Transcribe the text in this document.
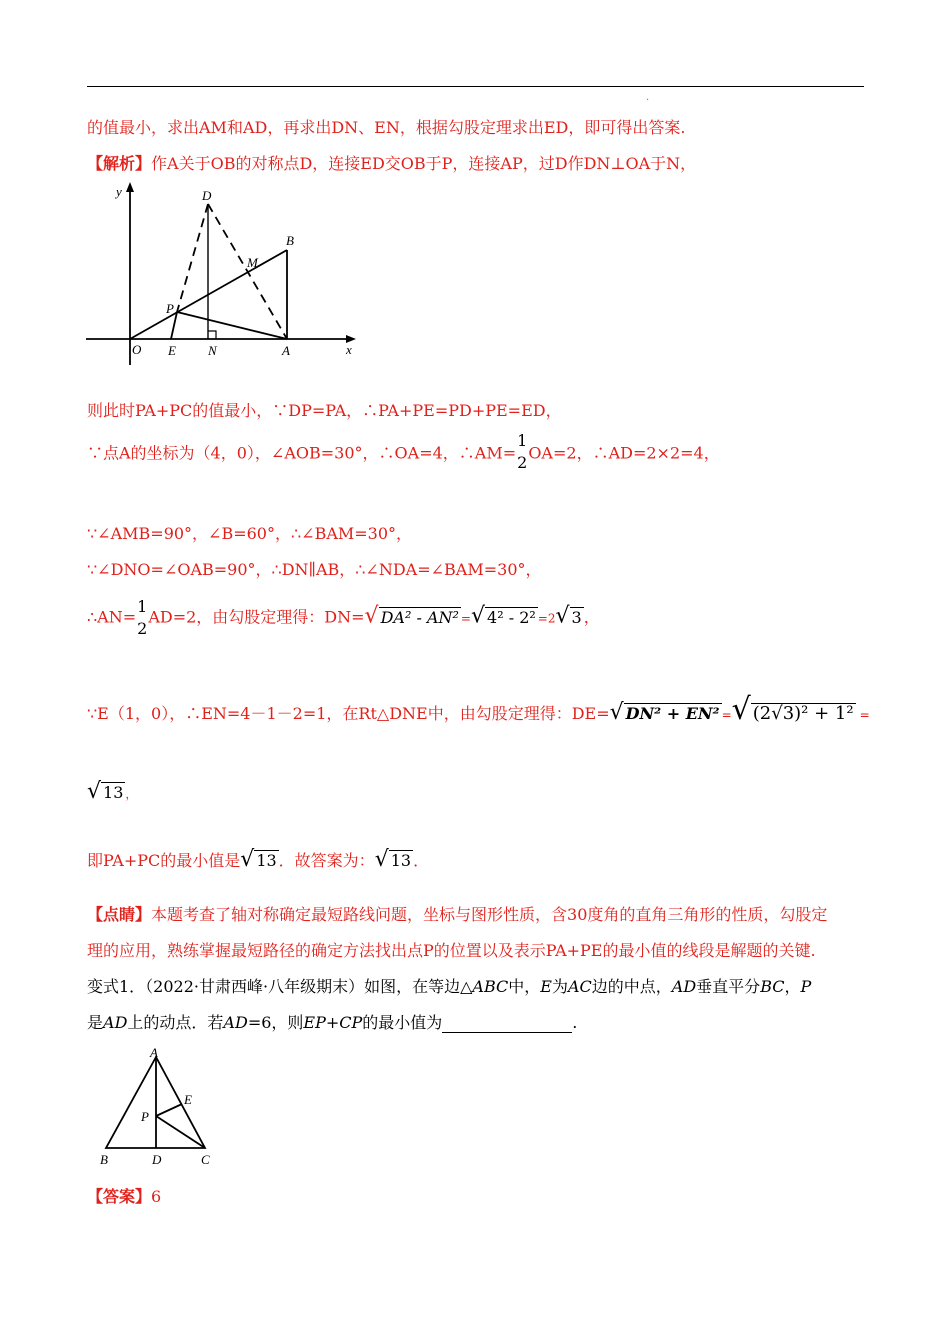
.
的值最小，求出AM和AD，再求出DN、EN，根据勾股定理求出ED，即可得出答案.
【解析】作A关于OB的对称点D，连接ED交OB于P，连接AP，过D作DN⊥OA于N，
y
x
O E N	A
P
D
M
B
则此时PA+PC的值最小，∵DP=PA，∴PA+PE=PD+PE=ED，
∵点A的坐标为（4，0），∠AOB=30°，∴OA=4，∴AM=
1
2 OA=2，∴AD=2×2=4，
∵∠AMB=90°，∠B=60°，∴∠BAM=30°，
∵∠DNO=∠OAB=90°，∴DN∥AB，∴∠NDA=∠BAM=30°，
∴AN=
1
2
AD=2，由勾股定理得：DN=√ DA² - AN² =√ 4² - 2² =2√ 3 ，
∵E（1，0），∴EN=4－1－2=1，在Rt△DNE中，由勾股定理得：DE=√ DN² + EN² =√ (2√3)² + 1² =
√ 13 ，
即PA+PC的最小值是√ 13 ．故答案为：√ 13 ．
【点睛】本题考查了轴对称确定最短路线问题，坐标与图形性质，含30度角的直角三角形的性质，勾股定
理的应用，熟练掌握最短路径的确定方法找出点P的位置以及表示PA+PE的最小值的线段是解题的关键.
变式1．（2022·甘肃西峰·八年级期末）如图，在等边△ABC中，E为AC边的中点，AD垂直平分BC，P
是AD上的动点．若AD=6，则EP+CP的最小值为	.
A
B	D	C
P
E
【答案】6
